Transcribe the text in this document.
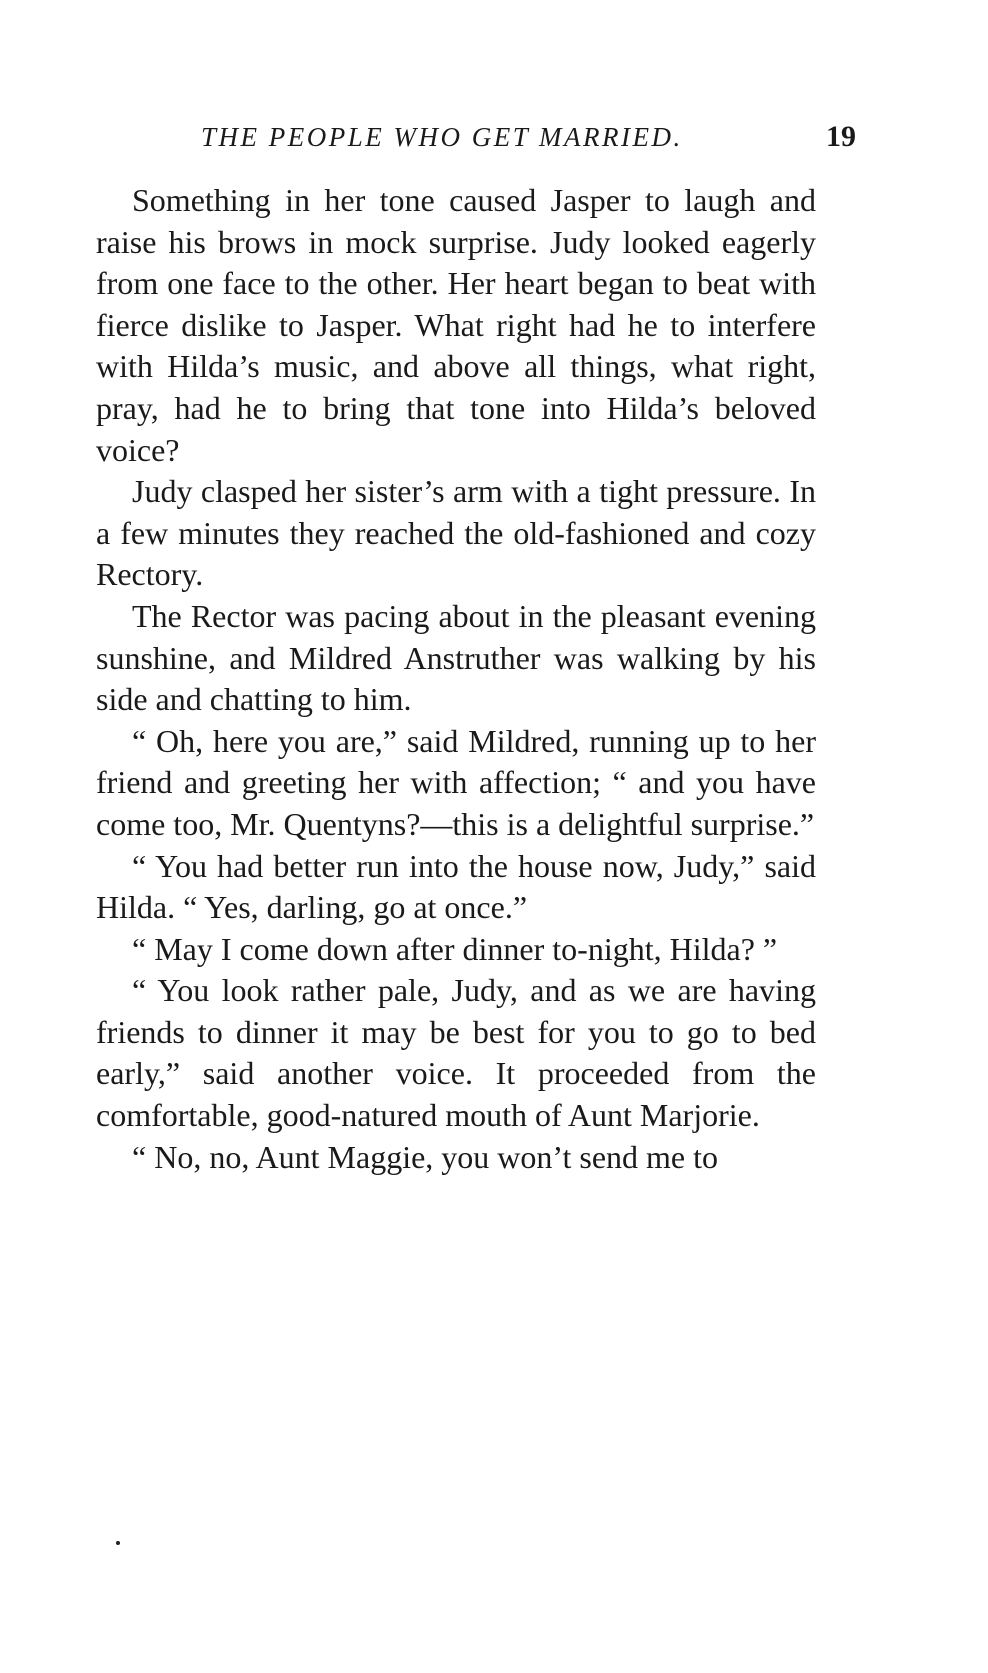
THE PEOPLE WHO GET MARRIED.	19

Something in her tone caused Jasper to laugh and raise his brows in mock surprise. Judy looked eagerly from one face to the other. Her heart began to beat with fierce dislike to Jasper. What right had he to interfere with Hilda’s music, and above all things, what right, pray, had he to bring that tone into Hilda’s beloved voice?

Judy clasped her sister’s arm with a tight pressure. In a few minutes they reached the old-fashioned and cozy Rectory.

The Rector was pacing about in the pleasant evening sunshine, and Mildred Anstruther was walking by his side and chatting to him.

“ Oh, here you are,” said Mildred, running up to her friend and greeting her with affection; “ and you have come too, Mr. Quentyns?—this is a delightful surprise.”

“ You had better run into the house now, Judy,” said Hilda. “ Yes, darling, go at once.”

“ May I come down after dinner to-night, Hilda? ”

“ You look rather pale, Judy, and as we are having friends to dinner it may be best for you to go to bed early,” said another voice. It proceeded from the comfortable, good-natured mouth of Aunt Marjorie.

“ No, no, Aunt Maggie, you won’t send me to
